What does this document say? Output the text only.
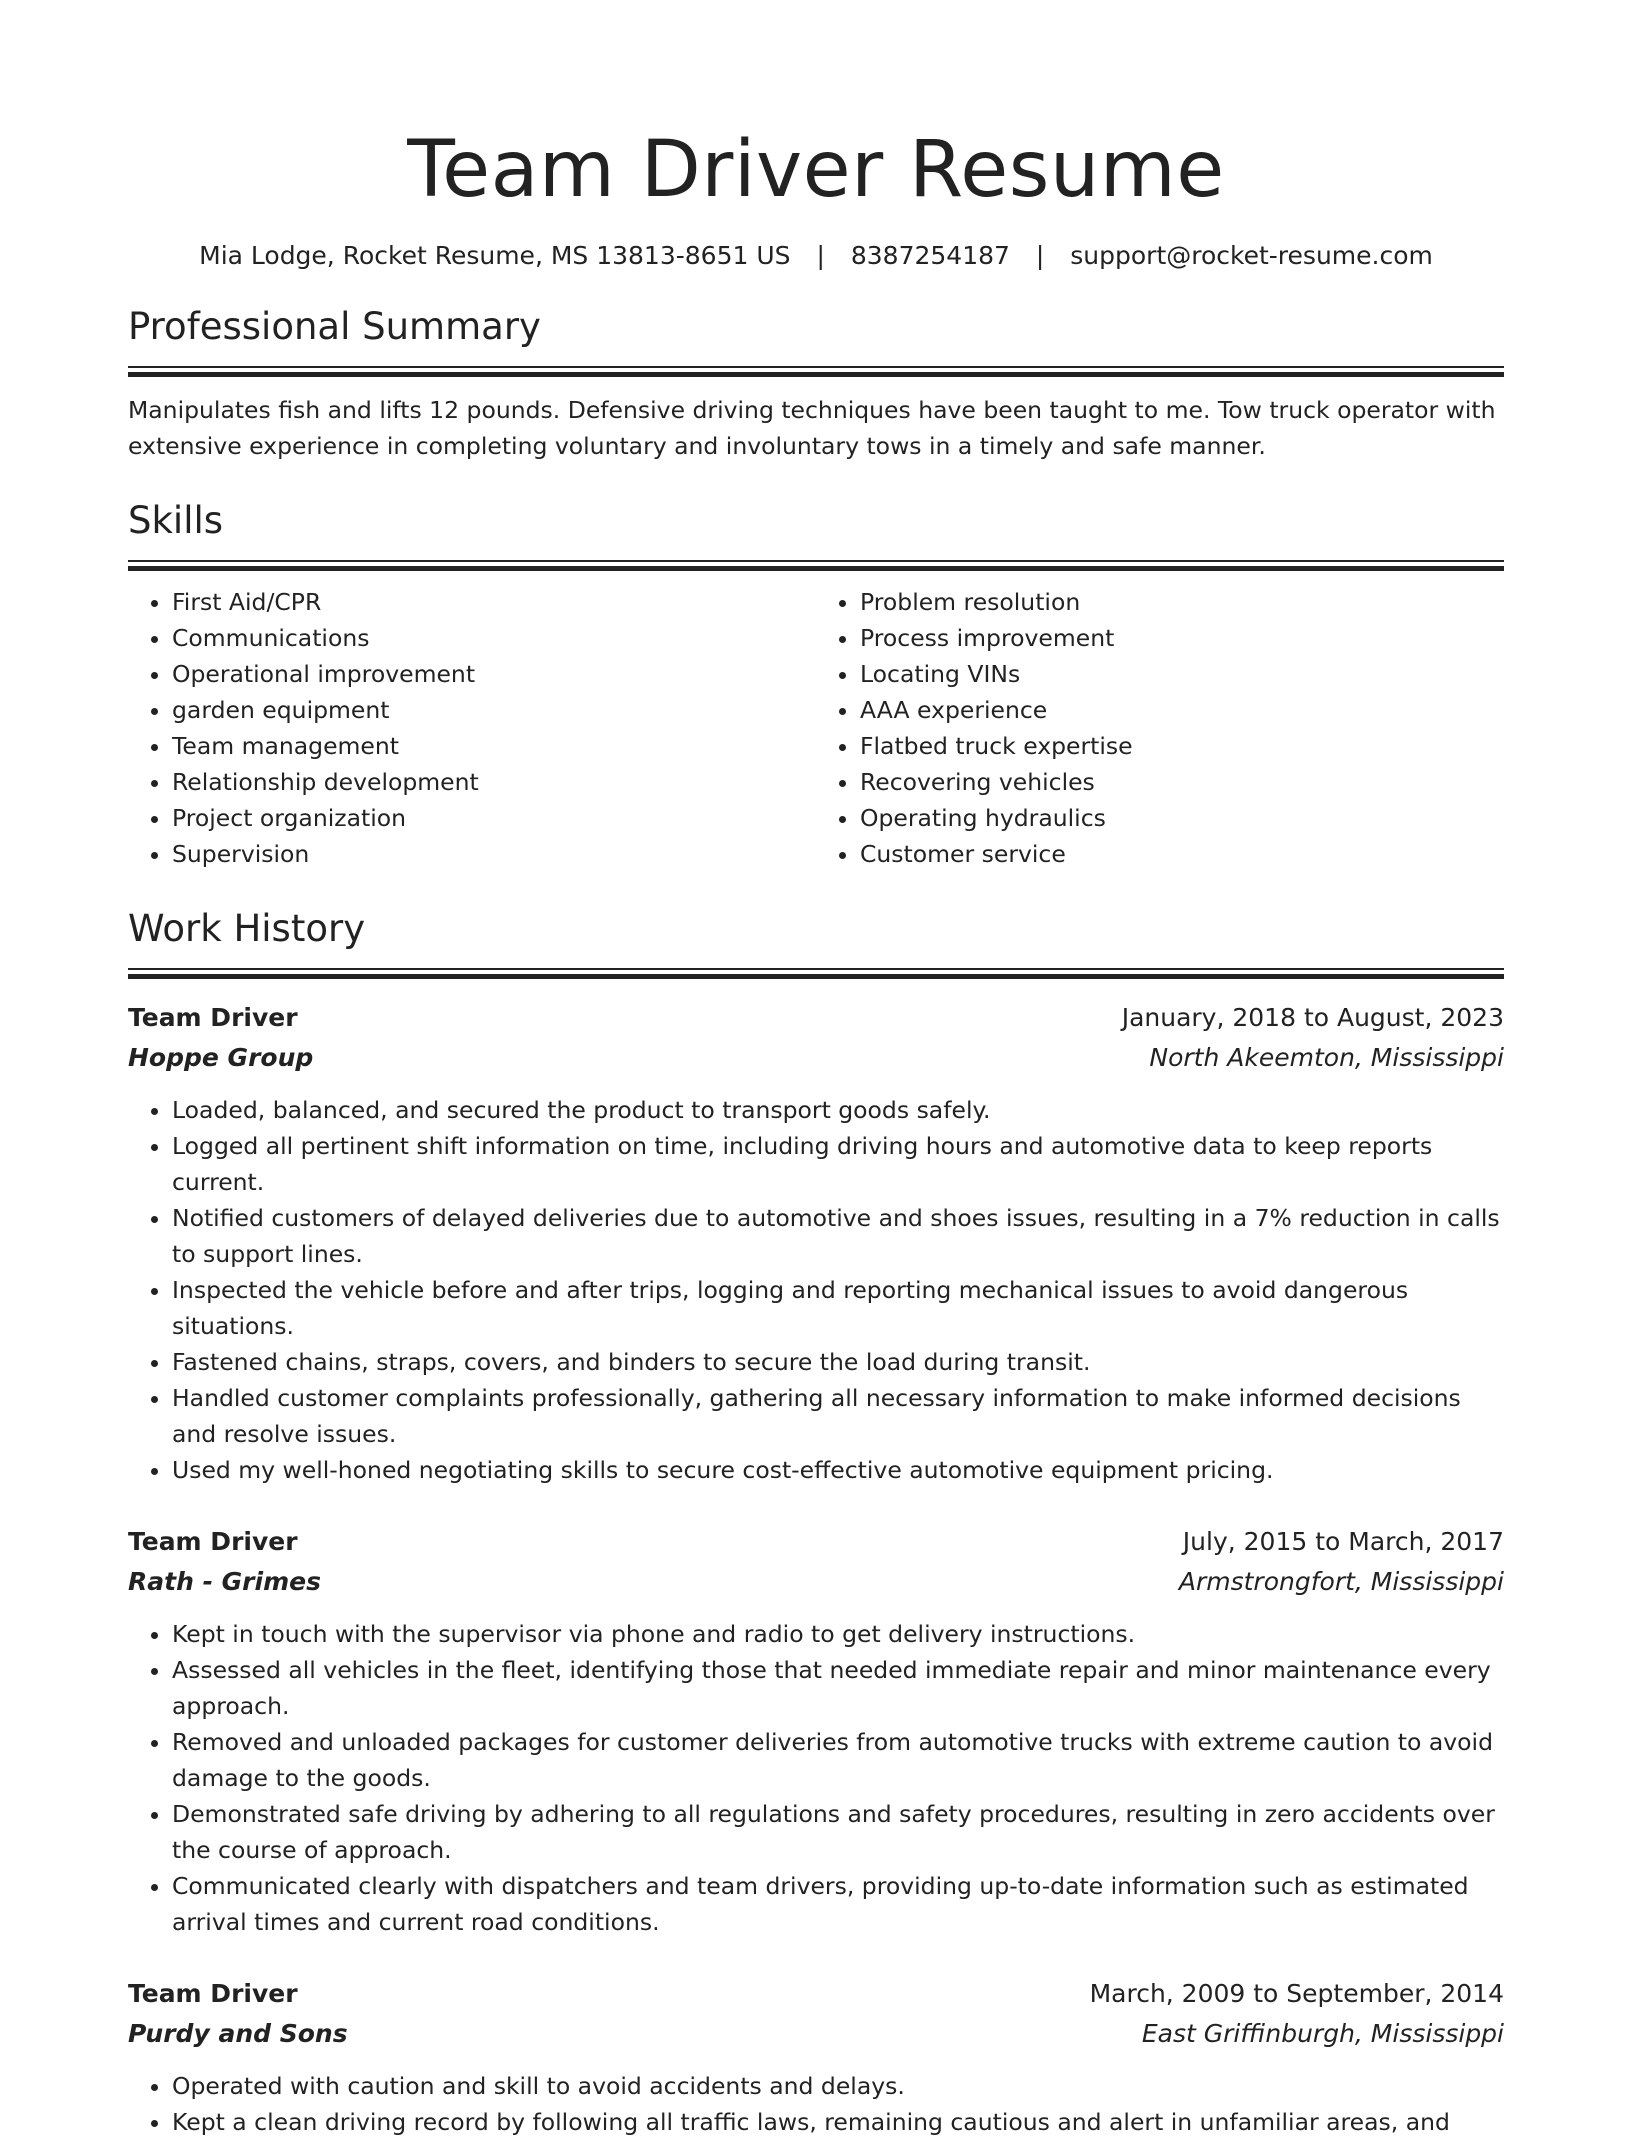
Team Driver Resume
Mia Lodge, Rocket Resume, MS 13813-8651 US | 8387254187 | support@rocket-resume.com
Professional Summary
Manipulates fish and lifts 12 pounds. Defensive driving techniques have been taught to me. Tow truck operator with extensive experience in completing voluntary and involuntary tows in a timely and safe manner.
Skills
• First Aid/CPR
• Communications
• Operational improvement
• garden equipment
• Team management
• Relationship development
• Project organization
• Supervision
• Problem resolution
• Process improvement
• Locating VINs
• AAA experience
• Flatbed truck expertise
• Recovering vehicles
• Operating hydraulics
• Customer service
Work History
Team Driver	January, 2018 to August, 2023
Hoppe Group	North Akeemton, Mississippi
• Loaded, balanced, and secured the product to transport goods safely.
• Logged all pertinent shift information on time, including driving hours and automotive data to keep reports current.
• Notified customers of delayed deliveries due to automotive and shoes issues, resulting in a 7% reduction in calls to support lines.
• Inspected the vehicle before and after trips, logging and reporting mechanical issues to avoid dangerous situations.
• Fastened chains, straps, covers, and binders to secure the load during transit.
• Handled customer complaints professionally, gathering all necessary information to make informed decisions and resolve issues.
• Used my well-honed negotiating skills to secure cost-effective automotive equipment pricing.
Team Driver	July, 2015 to March, 2017
Rath - Grimes	Armstrongfort, Mississippi
• Kept in touch with the supervisor via phone and radio to get delivery instructions.
• Assessed all vehicles in the fleet, identifying those that needed immediate repair and minor maintenance every approach.
• Removed and unloaded packages for customer deliveries from automotive trucks with extreme caution to avoid damage to the goods.
• Demonstrated safe driving by adhering to all regulations and safety procedures, resulting in zero accidents over the course of approach.
• Communicated clearly with dispatchers and team drivers, providing up-to-date information such as estimated arrival times and current road conditions.
Team Driver	March, 2009 to September, 2014
Purdy and Sons	East Griffinburgh, Mississippi
• Operated with caution and skill to avoid accidents and delays.
• Kept a clean driving record by following all traffic laws, remaining cautious and alert in unfamiliar areas, and
